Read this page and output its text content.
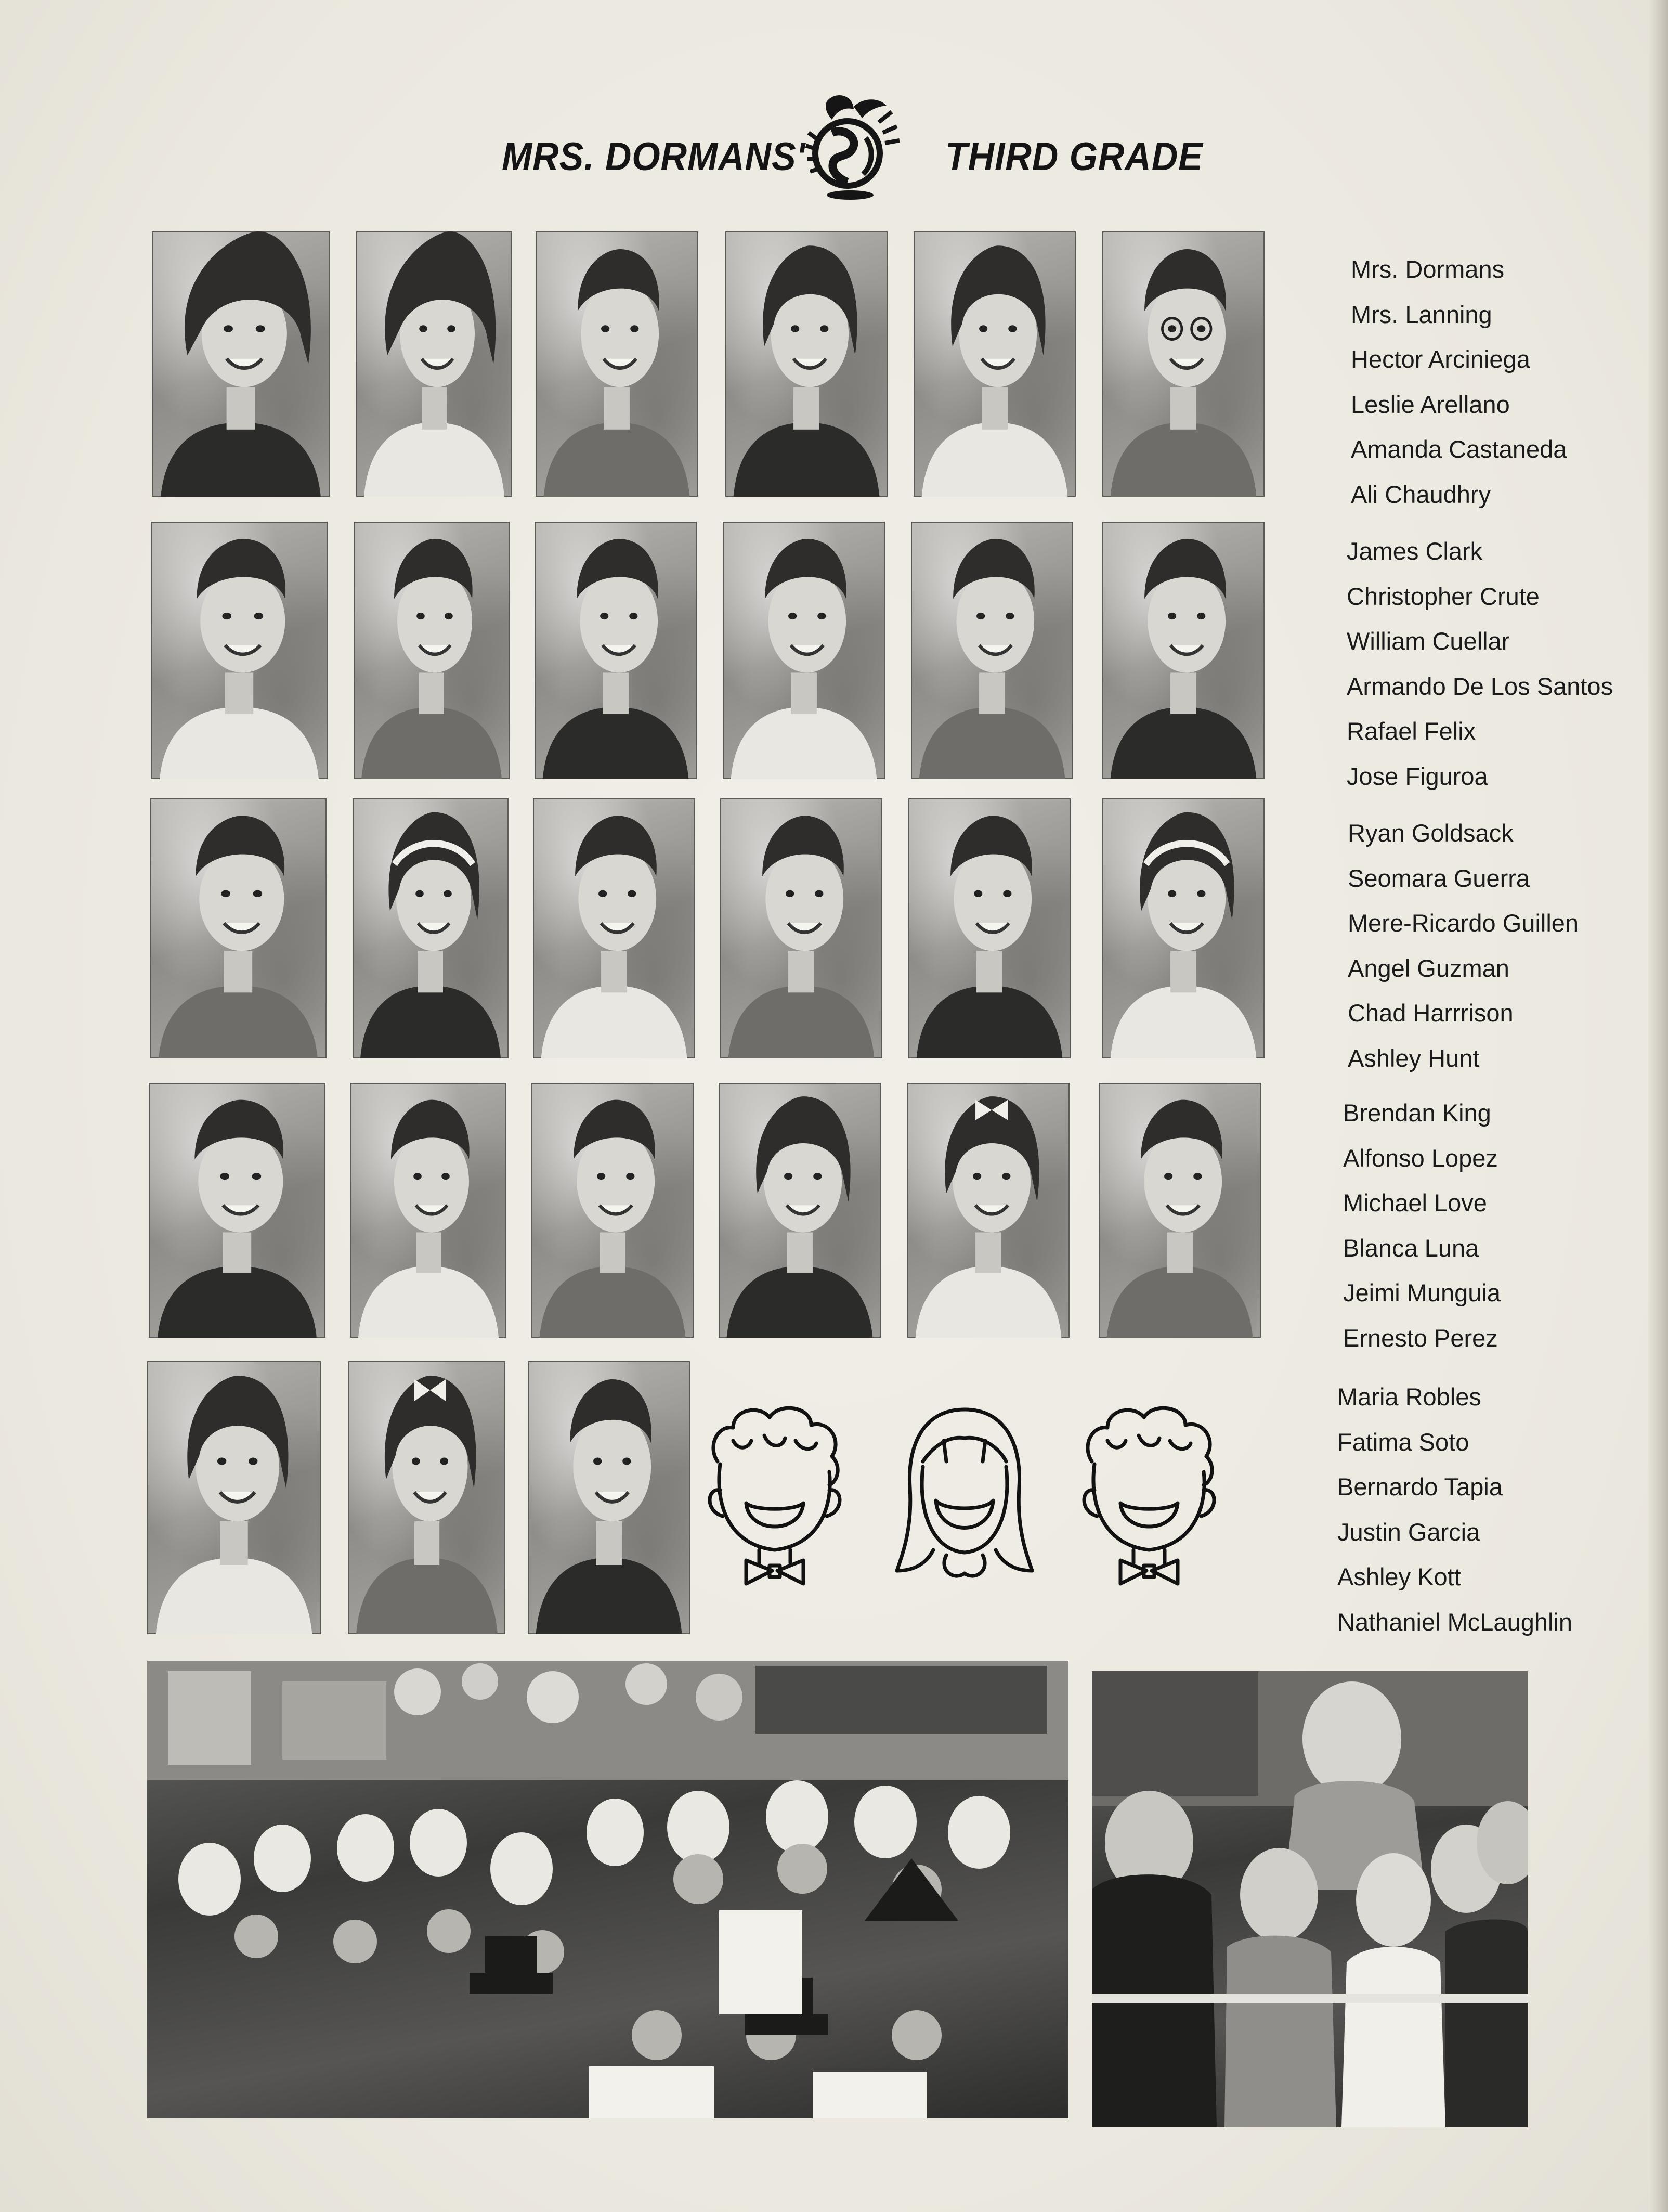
MRS. DORMANS'	THIRD GRADE
Mrs. Dormans
Mrs. Lanning
Hector Arciniega
Leslie Arellano
Amanda Castaneda
Ali Chaudhry
James Clark
Christopher Crute
William Cuellar
Armando De Los Santos
Rafael Felix
Jose Figuroa
Ryan Goldsack
Seomara Guerra
Mere-Ricardo Guillen
Angel Guzman
Chad Harrrison
Ashley Hunt
Brendan King
Alfonso Lopez
Michael Love
Blanca Luna
Jeimi Munguia
Ernesto Perez
Maria Robles
Fatima Soto
Bernardo Tapia
Justin Garcia
Ashley Kott
Nathaniel McLaughlin
